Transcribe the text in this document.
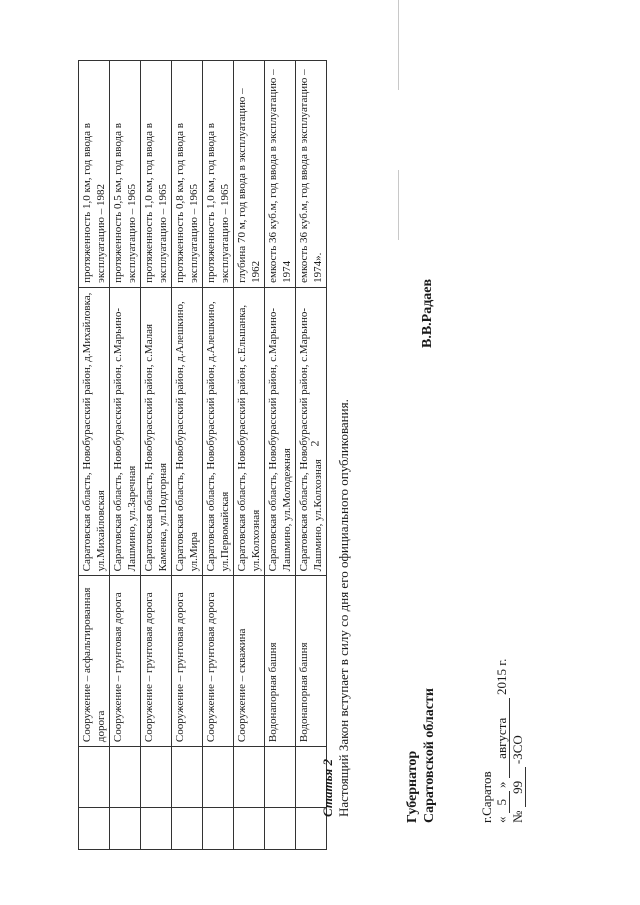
2
		Сооружение – асфальтированная дорога	Саратовская область, Новобурасский район, д.Михайловка, ул.Михайловская	протяженность 1,0 км, год ввода в эксплуатацию – 1982
		Сооружение – грунтовая дорога	Саратовская область, Новобурасский район, с.Марьино-Лашмино, ул.Заречная	протяженность 0,5 км, год ввода в эксплуатацию – 1965
		Сооружение – грунтовая дорога	Саратовская область, Новобурасский район, с.Малая Каменка, ул.Подгорная	протяженность 1,0 км, год ввода в эксплуатацию – 1965
		Сооружение – грунтовая дорога	Саратовская область, Новобурасский район, д.Алешкино, ул.Мира	протяженность 0,8 км, год ввода в эксплуатацию – 1965
		Сооружение – грунтовая дорога	Саратовская область, Новобурасский район, д.Алешкино, ул.Первомайская	протяженность 1,0 км, год ввода в эксплуатацию – 1965
		Сооружение – скважина	Саратовская область, Новобурасский район, с.Ельшанка, ул.Колхозная	глубина 70 м, год ввода в эксплуатацию – 1962
		Водонапорная башня	Саратовская область, Новобурасский район, с.Марьино-Лашмино, ул.Молодежная	емкость 36 куб.м, год ввода в эксплуатацию – 1974
		Водонапорная башня	Саратовская область, Новобурасский район, с.Марьино-Лашмино, ул.Колхозная	емкость 36 куб.м, год ввода в эксплуатацию – 1974».
Статья 2 Настоящий Закон вступает в силу со дня его официального опубликования.	Губернатор Саратовской области
В.В.Радаев
г.Саратов « 5 » августа 2015 г.
№ 99 -ЗСО
